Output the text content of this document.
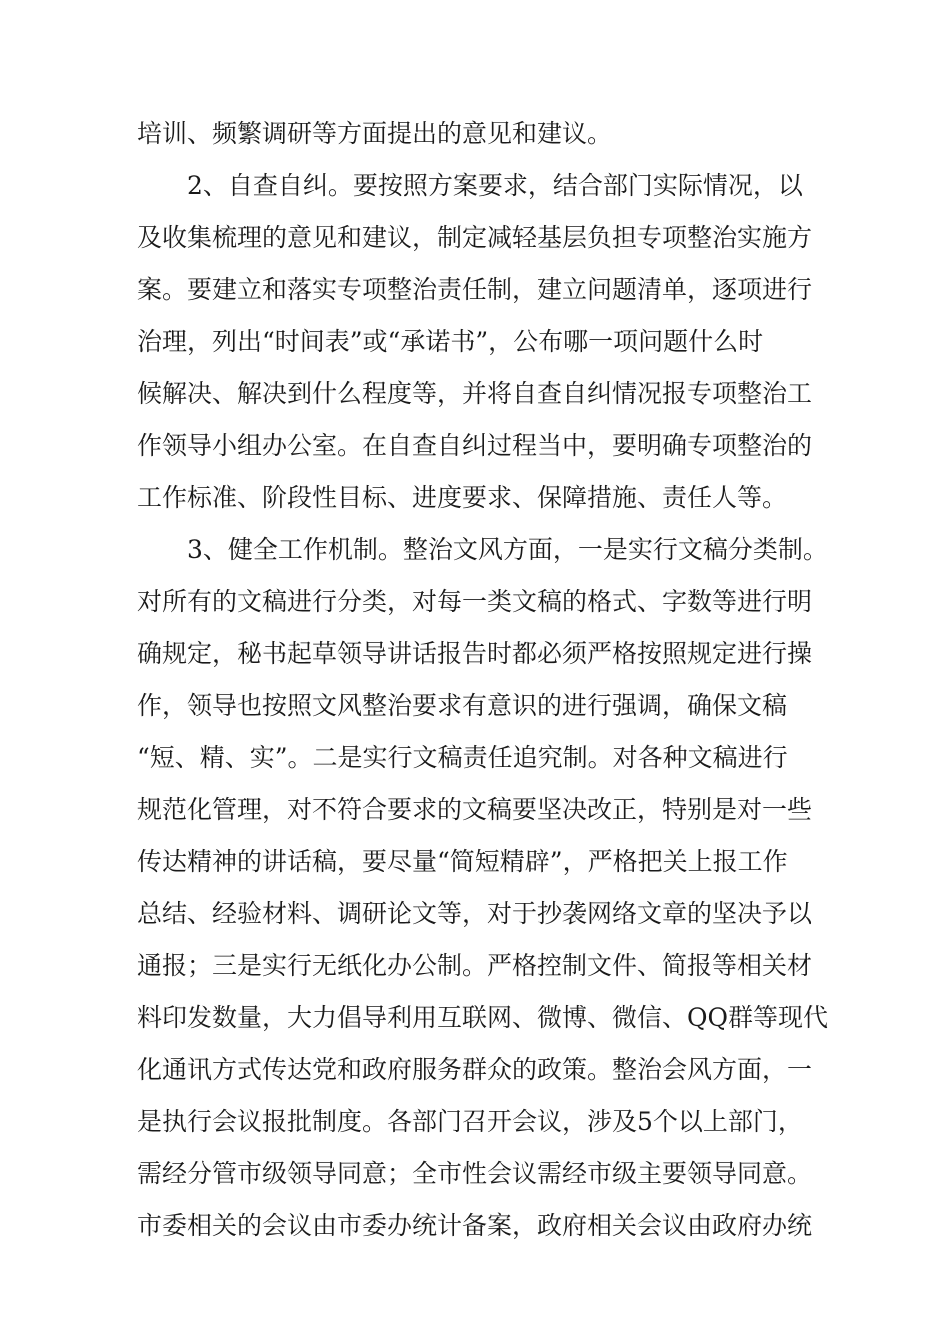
培训、频繁调研等方面提出的意见和建议。
2、自查自纠。要按照方案要求，结合部门实际情况，以
及收集梳理的意见和建议，制定减轻基层负担专项整治实施方
案。要建立和落实专项整治责任制，建立问题清单，逐项进行
治理，列出“时间表”或“承诺书”，公布哪一项问题什么时
候解决、解决到什么程度等，并将自查自纠情况报专项整治工
作领导小组办公室。在自查自纠过程当中，要明确专项整治的
工作标准、阶段性目标、进度要求、保障措施、责任人等。
3、健全工作机制。整治文风方面，一是实行文稿分类制。
对所有的文稿进行分类，对每一类文稿的格式、字数等进行明
确规定，秘书起草领导讲话报告时都必须严格按照规定进行操
作，领导也按照文风整治要求有意识的进行强调，确保文稿
“短、精、实”。二是实行文稿责任追究制。对各种文稿进行
规范化管理，对不符合要求的文稿要坚决改正，特别是对一些
传达精神的讲话稿，要尽量“简短精辟”，严格把关上报工作
总结、经验材料、调研论文等，对于抄袭网络文章的坚决予以
通报；三是实行无纸化办公制。严格控制文件、简报等相关材
料印发数量，大力倡导利用互联网、微博、微信、QQ群等现代
化通讯方式传达党和政府服务群众的政策。整治会风方面，一
是执行会议报批制度。各部门召开会议，涉及5个以上部门，
需经分管市级领导同意；全市性会议需经市级主要领导同意。
市委相关的会议由市委办统计备案，政府相关会议由政府办统
